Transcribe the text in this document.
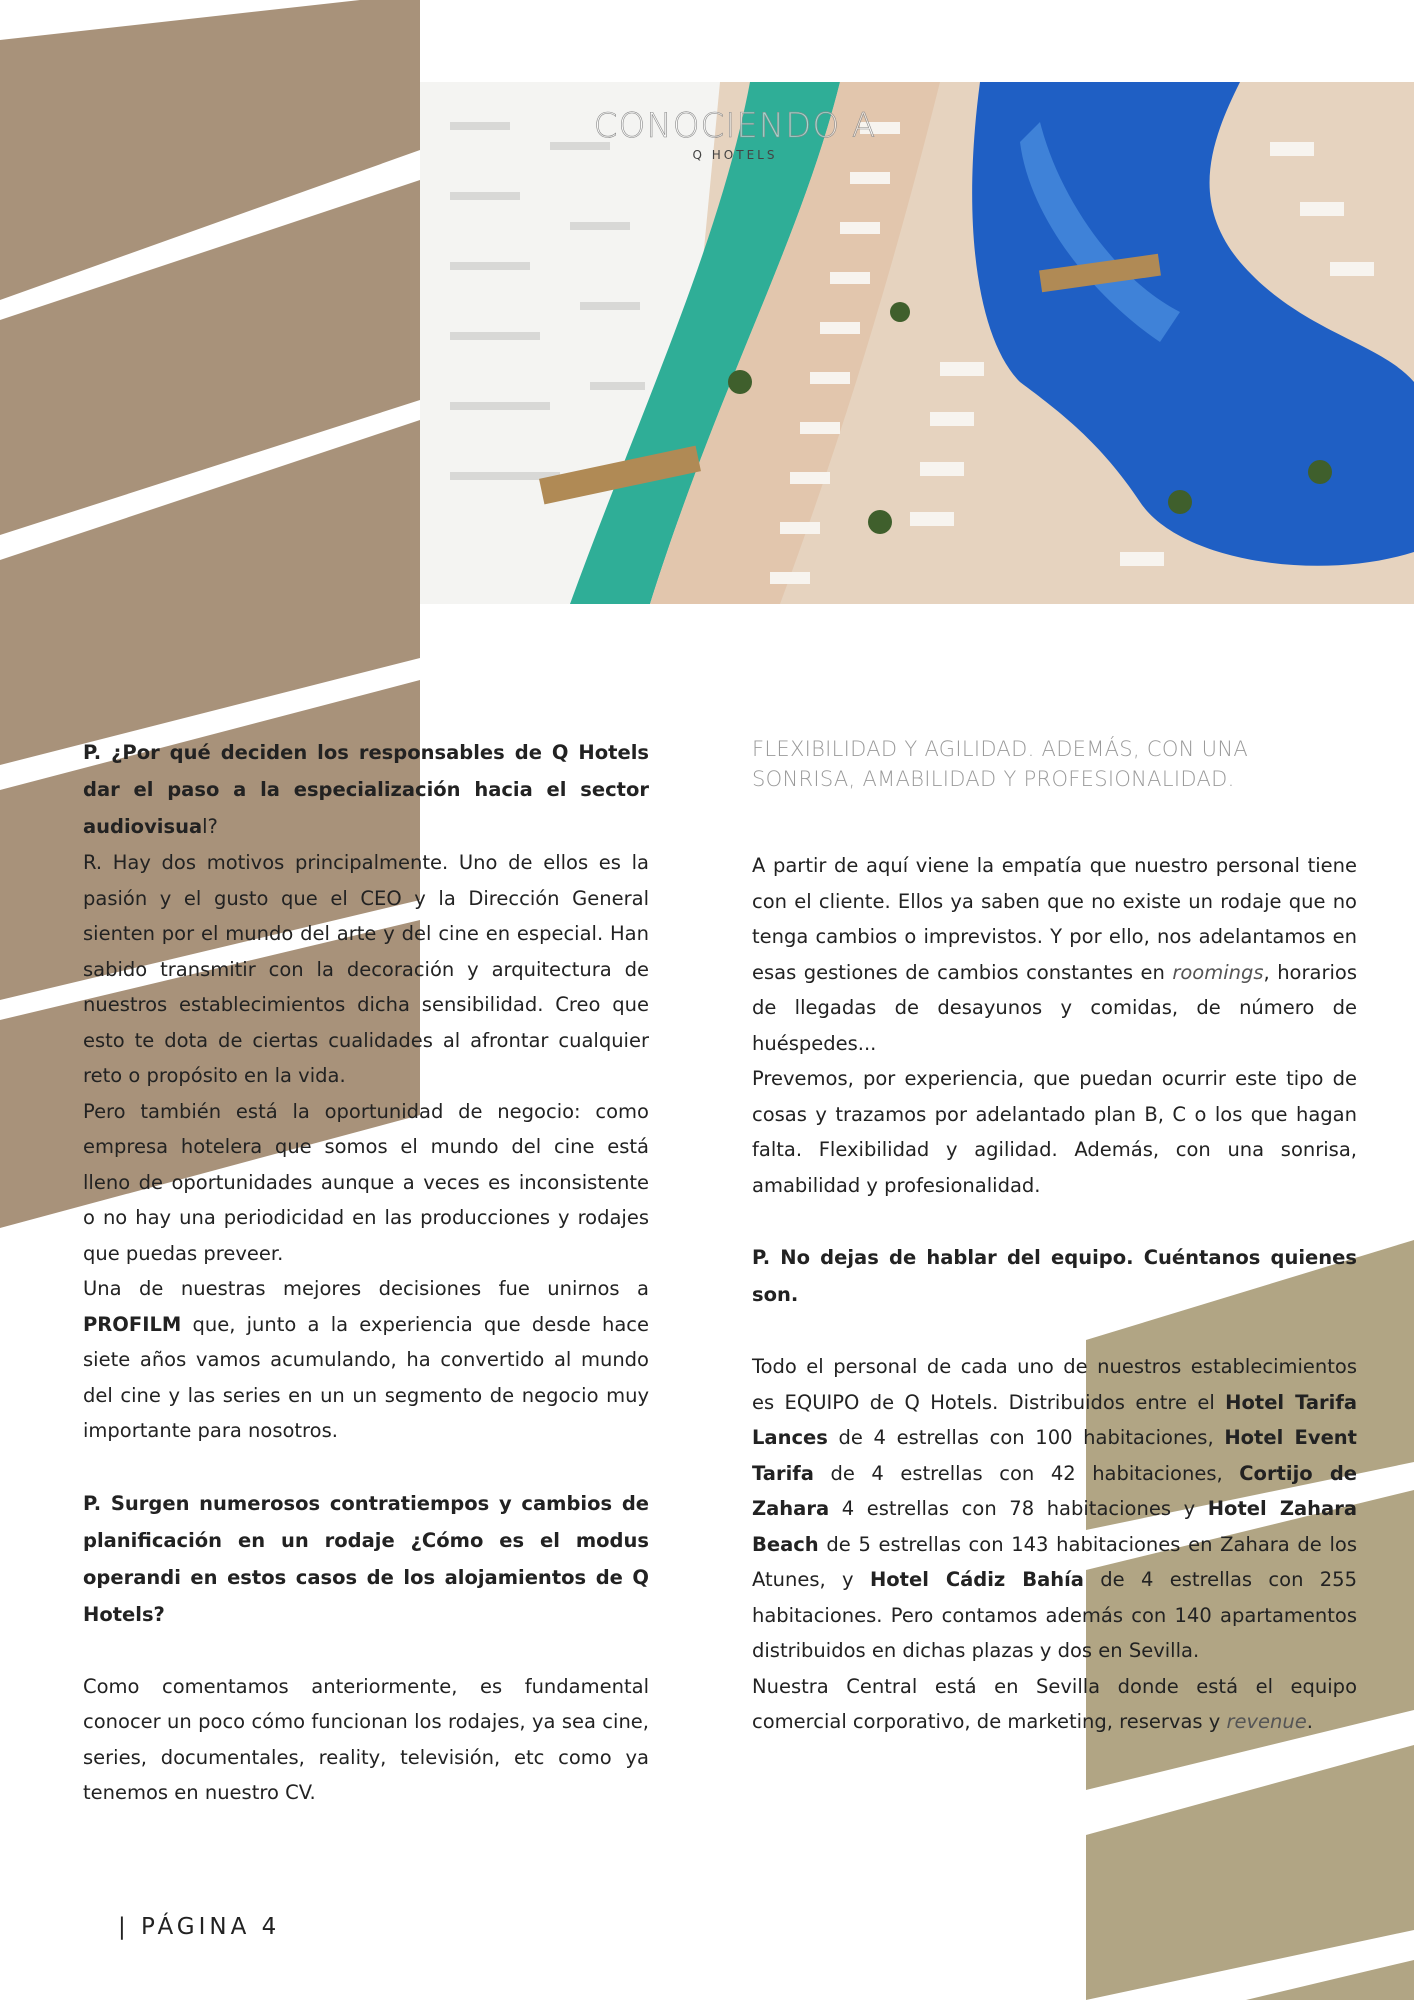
CONOCIENDO A
Q HOTELS

P. ¿Por qué deciden los responsables de Q Hotels dar el paso a la especialización hacia el sector audiovisual?

R. Hay dos motivos principalmente. Uno de ellos es la pasión y el gusto que el CEO y la Dirección General sienten por el mundo del arte y del cine en especial. Han sabido transmitir con la decoración y arquitectura de nuestros establecimientos dicha sensibilidad. Creo que esto te dota de ciertas cualidades al afrontar cualquier reto o propósito en la vida.

Pero también está la oportunidad de negocio: como empresa hotelera que somos el mundo del cine está lleno de oportunidades aunque a veces es inconsistente o no hay una periodicidad en las producciones y rodajes que puedas preveer.

Una de nuestras mejores decisiones fue unirnos a PROFILM que, junto a la experiencia que desde hace siete años vamos acumulando, ha convertido al mundo del cine y las series en un un segmento de negocio muy importante para nosotros.

P. Surgen numerosos contratiempos y cambios de planificación en un rodaje ¿Cómo es el modus operandi en estos casos de los alojamientos de Q Hotels?

Como comentamos anteriormente, es fundamental conocer un poco cómo funcionan los rodajes, ya sea cine, series, documentales, reality, televisión, etc como ya tenemos en nuestro CV.

FLEXIBILIDAD Y AGILIDAD. ADEMÁS, CON UNA SONRISA, AMABILIDAD Y PROFESIONALIDAD.

A partir de aquí viene la empatía que nuestro personal tiene con el cliente. Ellos ya saben que no existe un rodaje que no tenga cambios o imprevistos. Y por ello, nos adelantamos en esas gestiones de cambios constantes en roomings, horarios de llegadas de desayunos y comidas, de número de huéspedes...

Prevemos, por experiencia, que puedan ocurrir este tipo de cosas y trazamos por adelantado plan B, C o los que hagan falta. Flexibilidad y agilidad. Además, con una sonrisa, amabilidad y profesionalidad.

P. No dejas de hablar del equipo. Cuéntanos quienes son.

Todo el personal de cada uno de nuestros establecimientos es EQUIPO de Q Hotels. Distribuidos entre el Hotel Tarifa Lances de 4 estrellas con 100 habitaciones, Hotel Event Tarifa de 4 estrellas con 42 habitaciones, Cortijo de Zahara 4 estrellas con 78 habitaciones y Hotel Zahara Beach de 5 estrellas con 143 habitaciones en Zahara de los Atunes, y Hotel Cádiz Bahía de 4 estrellas con 255 habitaciones. Pero contamos además con 140 apartamentos distribuidos en dichas plazas y dos en Sevilla.

Nuestra Central está en Sevilla donde está el equipo comercial corporativo, de marketing, reservas y revenue.

| PÁGINA 4
